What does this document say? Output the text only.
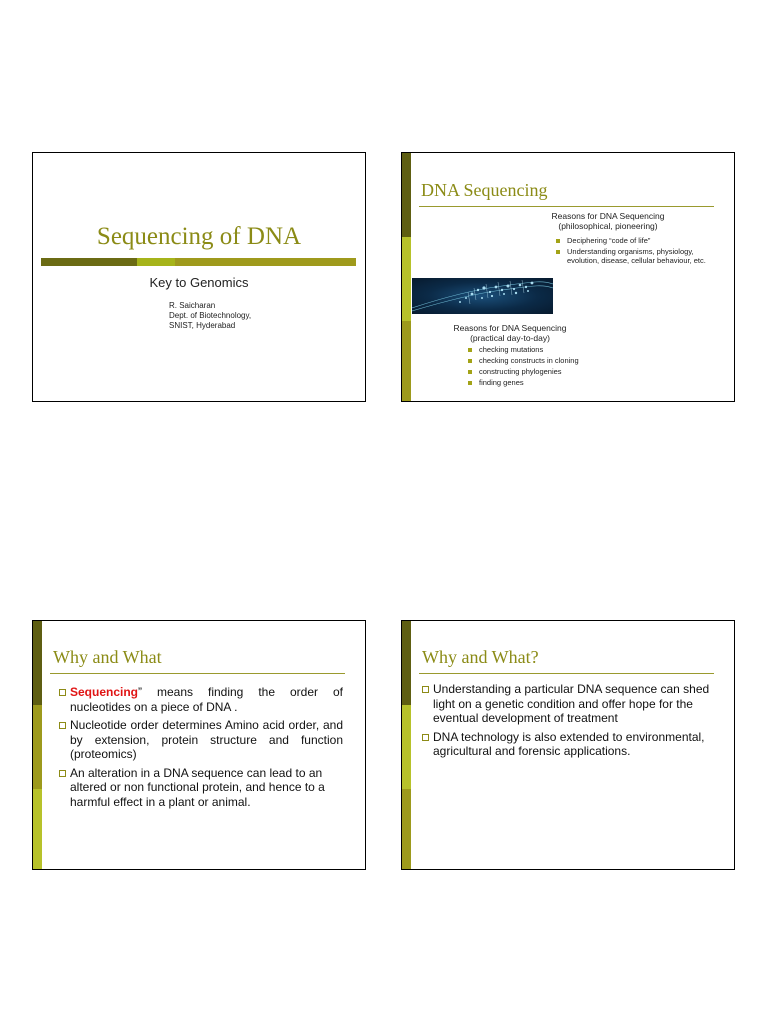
Sequencing of DNA
Key to Genomics
R. Saicharan
Dept. of Biotechnology,
SNIST, Hyderabad
DNA Sequencing
Reasons for DNA Sequencing
(philosophical, pioneering)
Deciphering “code of life”
Understanding organisms, physiology, evolution, disease, cellular behaviour, etc.
Reasons for DNA Sequencing
(practical day-to-day)
checking mutations
checking constructs in cloning
constructing phylogenies
finding genes
Why and What
Sequencing” means finding the order of nucleotides on a piece of DNA .
Nucleotide order determines Amino acid order, and by extension, protein structure and function (proteomics)
An alteration in a DNA sequence can lead to an altered or non functional protein, and hence to a harmful effect in a plant or animal.
Why and What?
Understanding a particular DNA sequence can shed light on a genetic condition and offer hope for the eventual development of treatment
DNA technology is also extended to environmental, agricultural and forensic applications.
